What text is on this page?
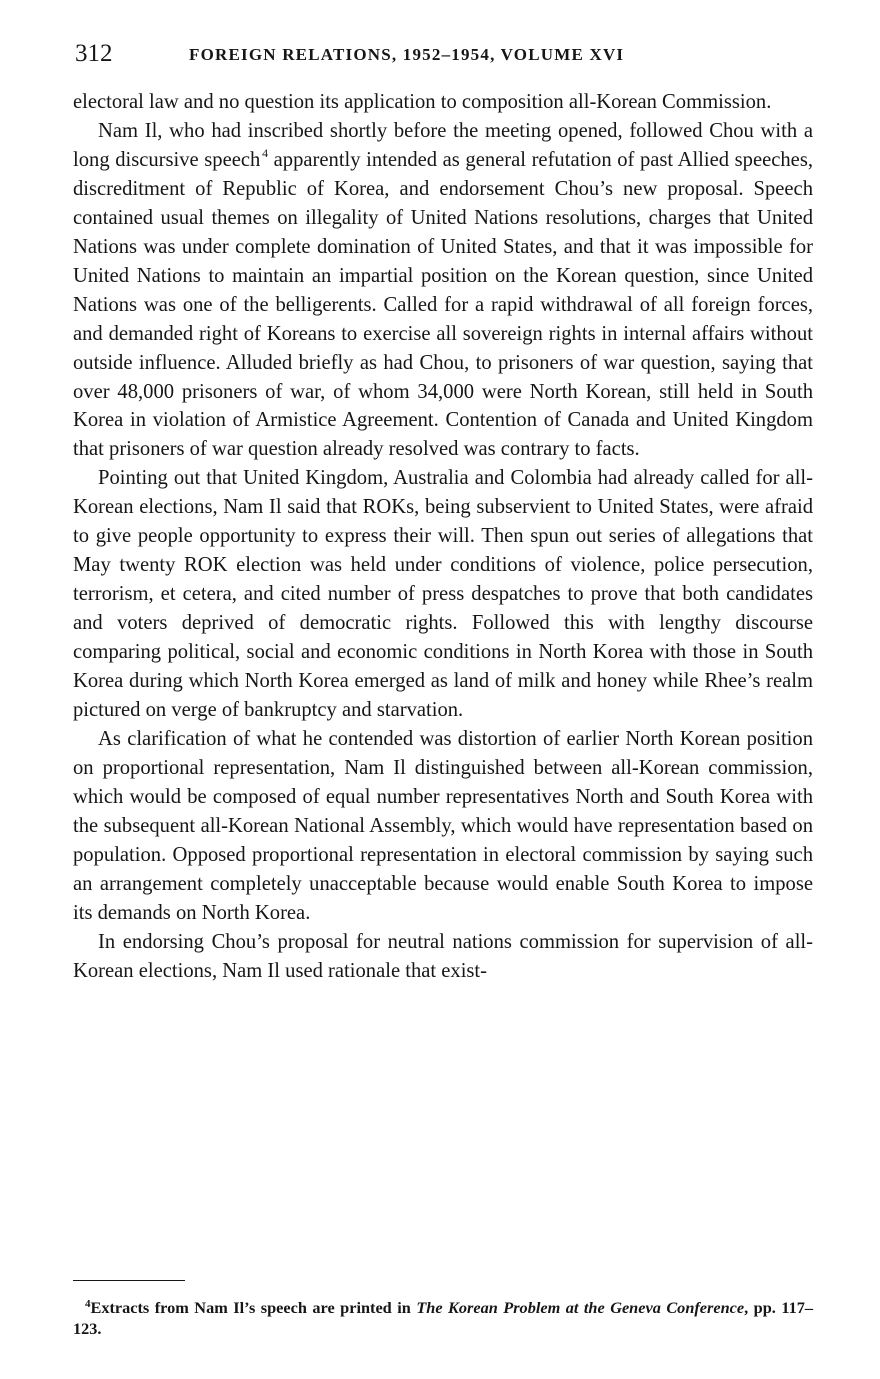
312	FOREIGN RELATIONS, 1952–1954, VOLUME XVI

electoral law and no question its application to composition all-Korean Commission.

Nam Il, who had inscribed shortly before the meeting opened, followed Chou with a long discursive speech  $^4$ apparently intended as general refutation of past Allied speeches, discreditment of Republic of Korea, and endorsement Chou’s new proposal. Speech contained usual themes on illegality of United Nations resolutions, charges that United Nations was under complete domination of United States, and that it was impossible for United Nations to maintain an impartial position on the Korean question, since United Nations was one of the belligerents. Called for a rapid withdrawal of all foreign forces, and demanded right of Koreans to exercise all sovereign rights in internal affairs without outside influence. Alluded briefly as had Chou, to prisoners of war question, saying that over 48,000 prisoners of war, of whom 34,000 were North Korean, still held in South Korea in violation of Armistice Agreement. Contention of Canada and United Kingdom that prisoners of war question already resolved was contrary to facts.

Pointing out that United Kingdom, Australia and Colombia had already called for all-Korean elections, Nam Il said that ROKs, being subservient to United States, were afraid to give people opportunity to express their will. Then spun out series of allegations that May twenty ROK election was held under conditions of violence, police persecution, terrorism, et cetera, and cited number of press despatches to prove that both candidates and voters deprived of democratic rights. Followed this with lengthy discourse comparing political, social and economic conditions in North Korea with those in South Korea during which North Korea emerged as land of milk and honey while Rhee’s realm pictured on verge of bankruptcy and starvation.

As clarification of what he contended was distortion of earlier North Korean position on proportional representation, Nam Il distinguished between all-Korean commission, which would be composed of equal number representatives North and South Korea with the subsequent all-Korean National Assembly, which would have representation based on population. Opposed proportional representation in electoral commission by saying such an arrangement completely unacceptable because would enable South Korea to impose its demands on North Korea.

In endorsing Chou’s proposal for neutral nations commission for supervision of all-Korean elections, Nam Il used rationale that exist-

$^4$Extracts from Nam Il’s speech are printed in The Korean Problem at the Geneva Conference, pp. 117–123.
